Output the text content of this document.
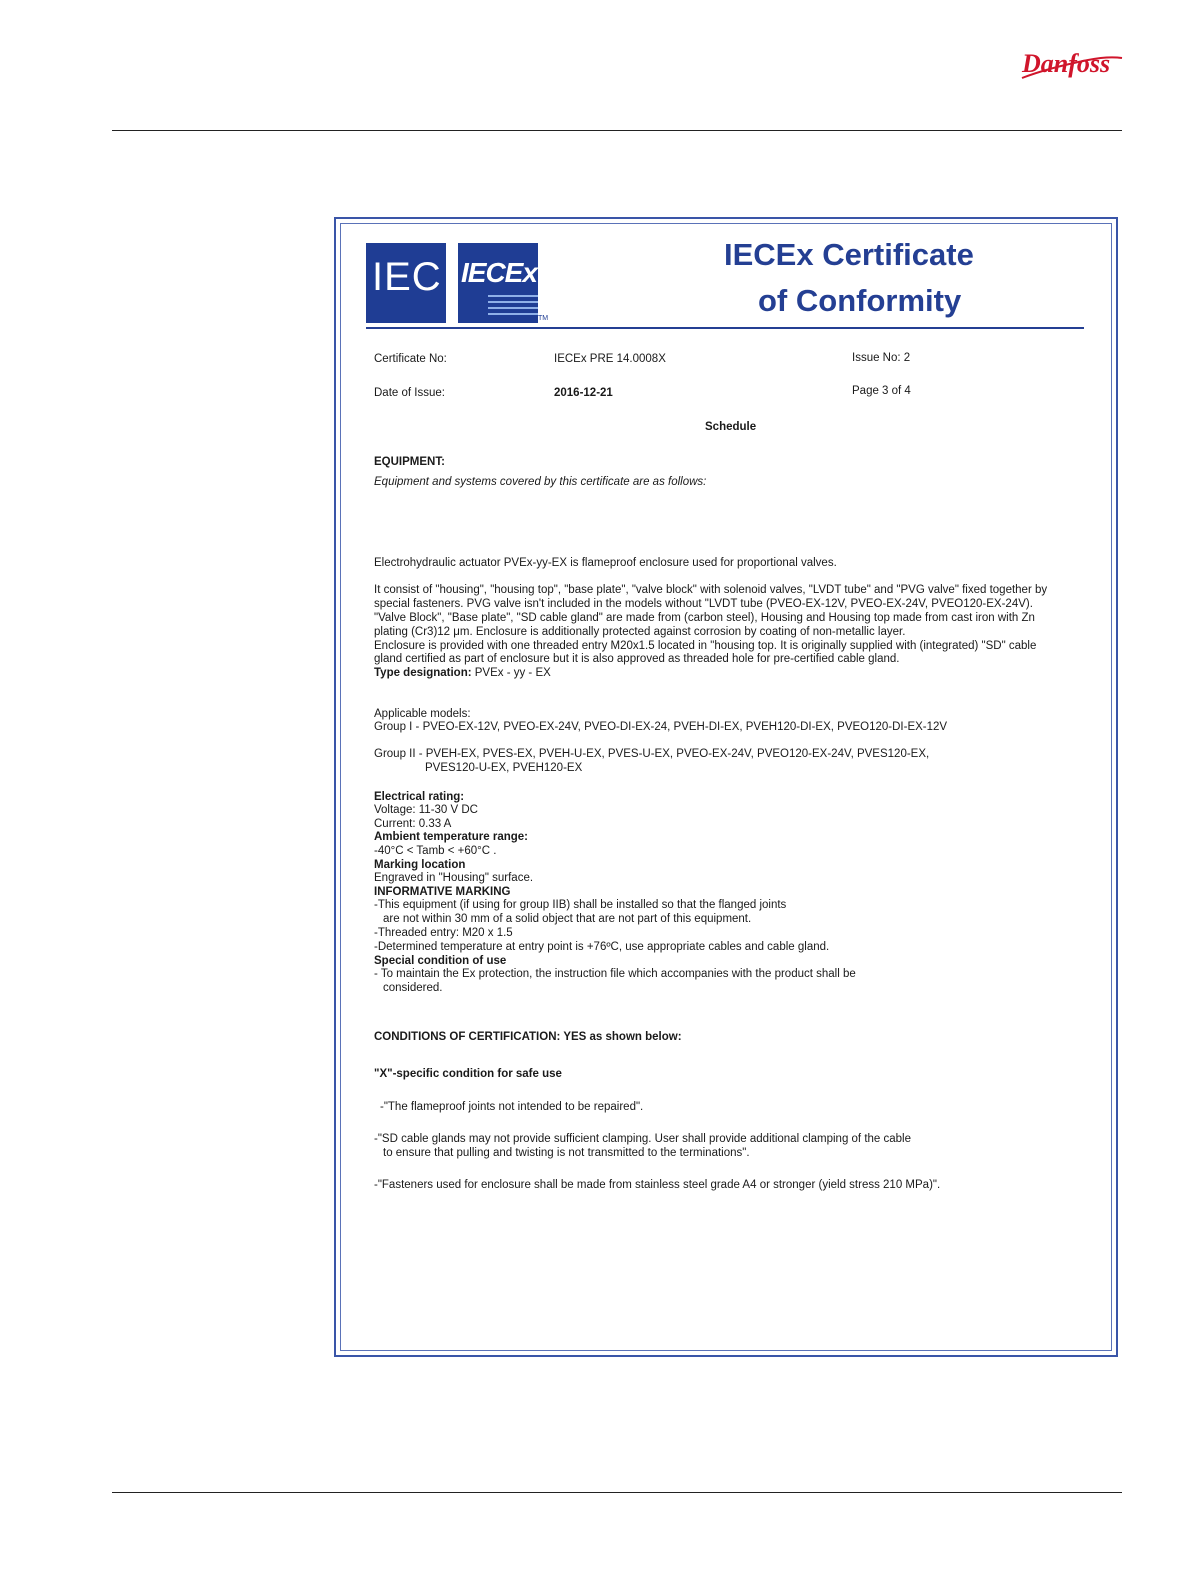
Danfoss
IEC IECEx
TM
IECEx Certificate
of Conformity
Certificate No:	IECEx PRE 14.0008X	Issue No: 2
Date of Issue:	2016-12-21	Page 3 of 4
Schedule
EQUIPMENT:
Equipment and systems covered by this certificate are as follows:
Electrohydraulic actuator PVEx-yy-EX is flameproof enclosure used for proportional valves.
It consist of "housing", "housing top", "base plate", "valve block" with solenoid valves, "LVDT tube" and "PVG valve" fixed together by
special fasteners. PVG valve isn't included in the models without "LVDT tube (PVEO-EX-12V, PVEO-EX-24V, PVEO120-EX-24V).
"Valve Block", "Base plate", "SD cable gland" are made from (carbon steel), Housing and Housing top made from cast iron with Zn
plating (Cr3)12 μm. Enclosure is additionally protected against corrosion by coating of non-metallic layer.
Enclosure is provided with one threaded entry M20x1.5 located in "housing top. It is originally supplied with (integrated) "SD" cable
gland certified as part of enclosure but it is also approved as threaded hole for pre-certified cable gland.
Type designation: PVEx - yy - EX
Applicable models:
Group I - PVEO-EX-12V, PVEO-EX-24V, PVEO-DI-EX-24, PVEH-DI-EX, PVEH120-DI-EX, PVEO120-DI-EX-12V
Group II - PVEH-EX, PVES-EX, PVEH-U-EX, PVES-U-EX, PVEO-EX-24V, PVEO120-EX-24V, PVES120-EX,
PVES120-U-EX, PVEH120-EX
Electrical rating:
Voltage: 11-30 V DC
Current: 0.33 A
Ambient temperature range:
-40°C < Tamb < +60°C .
Marking location
Engraved in "Housing" surface.
INFORMATIVE MARKING
-This equipment (if using for group IIB) shall be installed so that the flanged joints
are not within 30 mm of a solid object that are not part of this equipment.
-Threaded entry: M20 x 1.5
-Determined temperature at entry point is +76ºC, use appropriate cables and cable gland.
Special condition of use
- To maintain the Ex protection, the instruction file which accompanies with the product shall be
considered.
CONDITIONS OF CERTIFICATION: YES as shown below:
"X"-specific condition for safe use
-"The flameproof joints not intended to be repaired".
-"SD cable glands may not provide sufficient clamping. User shall provide additional clamping of the cable
to ensure that pulling and twisting is not transmitted to the terminations".
-"Fasteners used for enclosure shall be made from stainless steel grade A4 or stronger (yield stress 210 MPa)".
